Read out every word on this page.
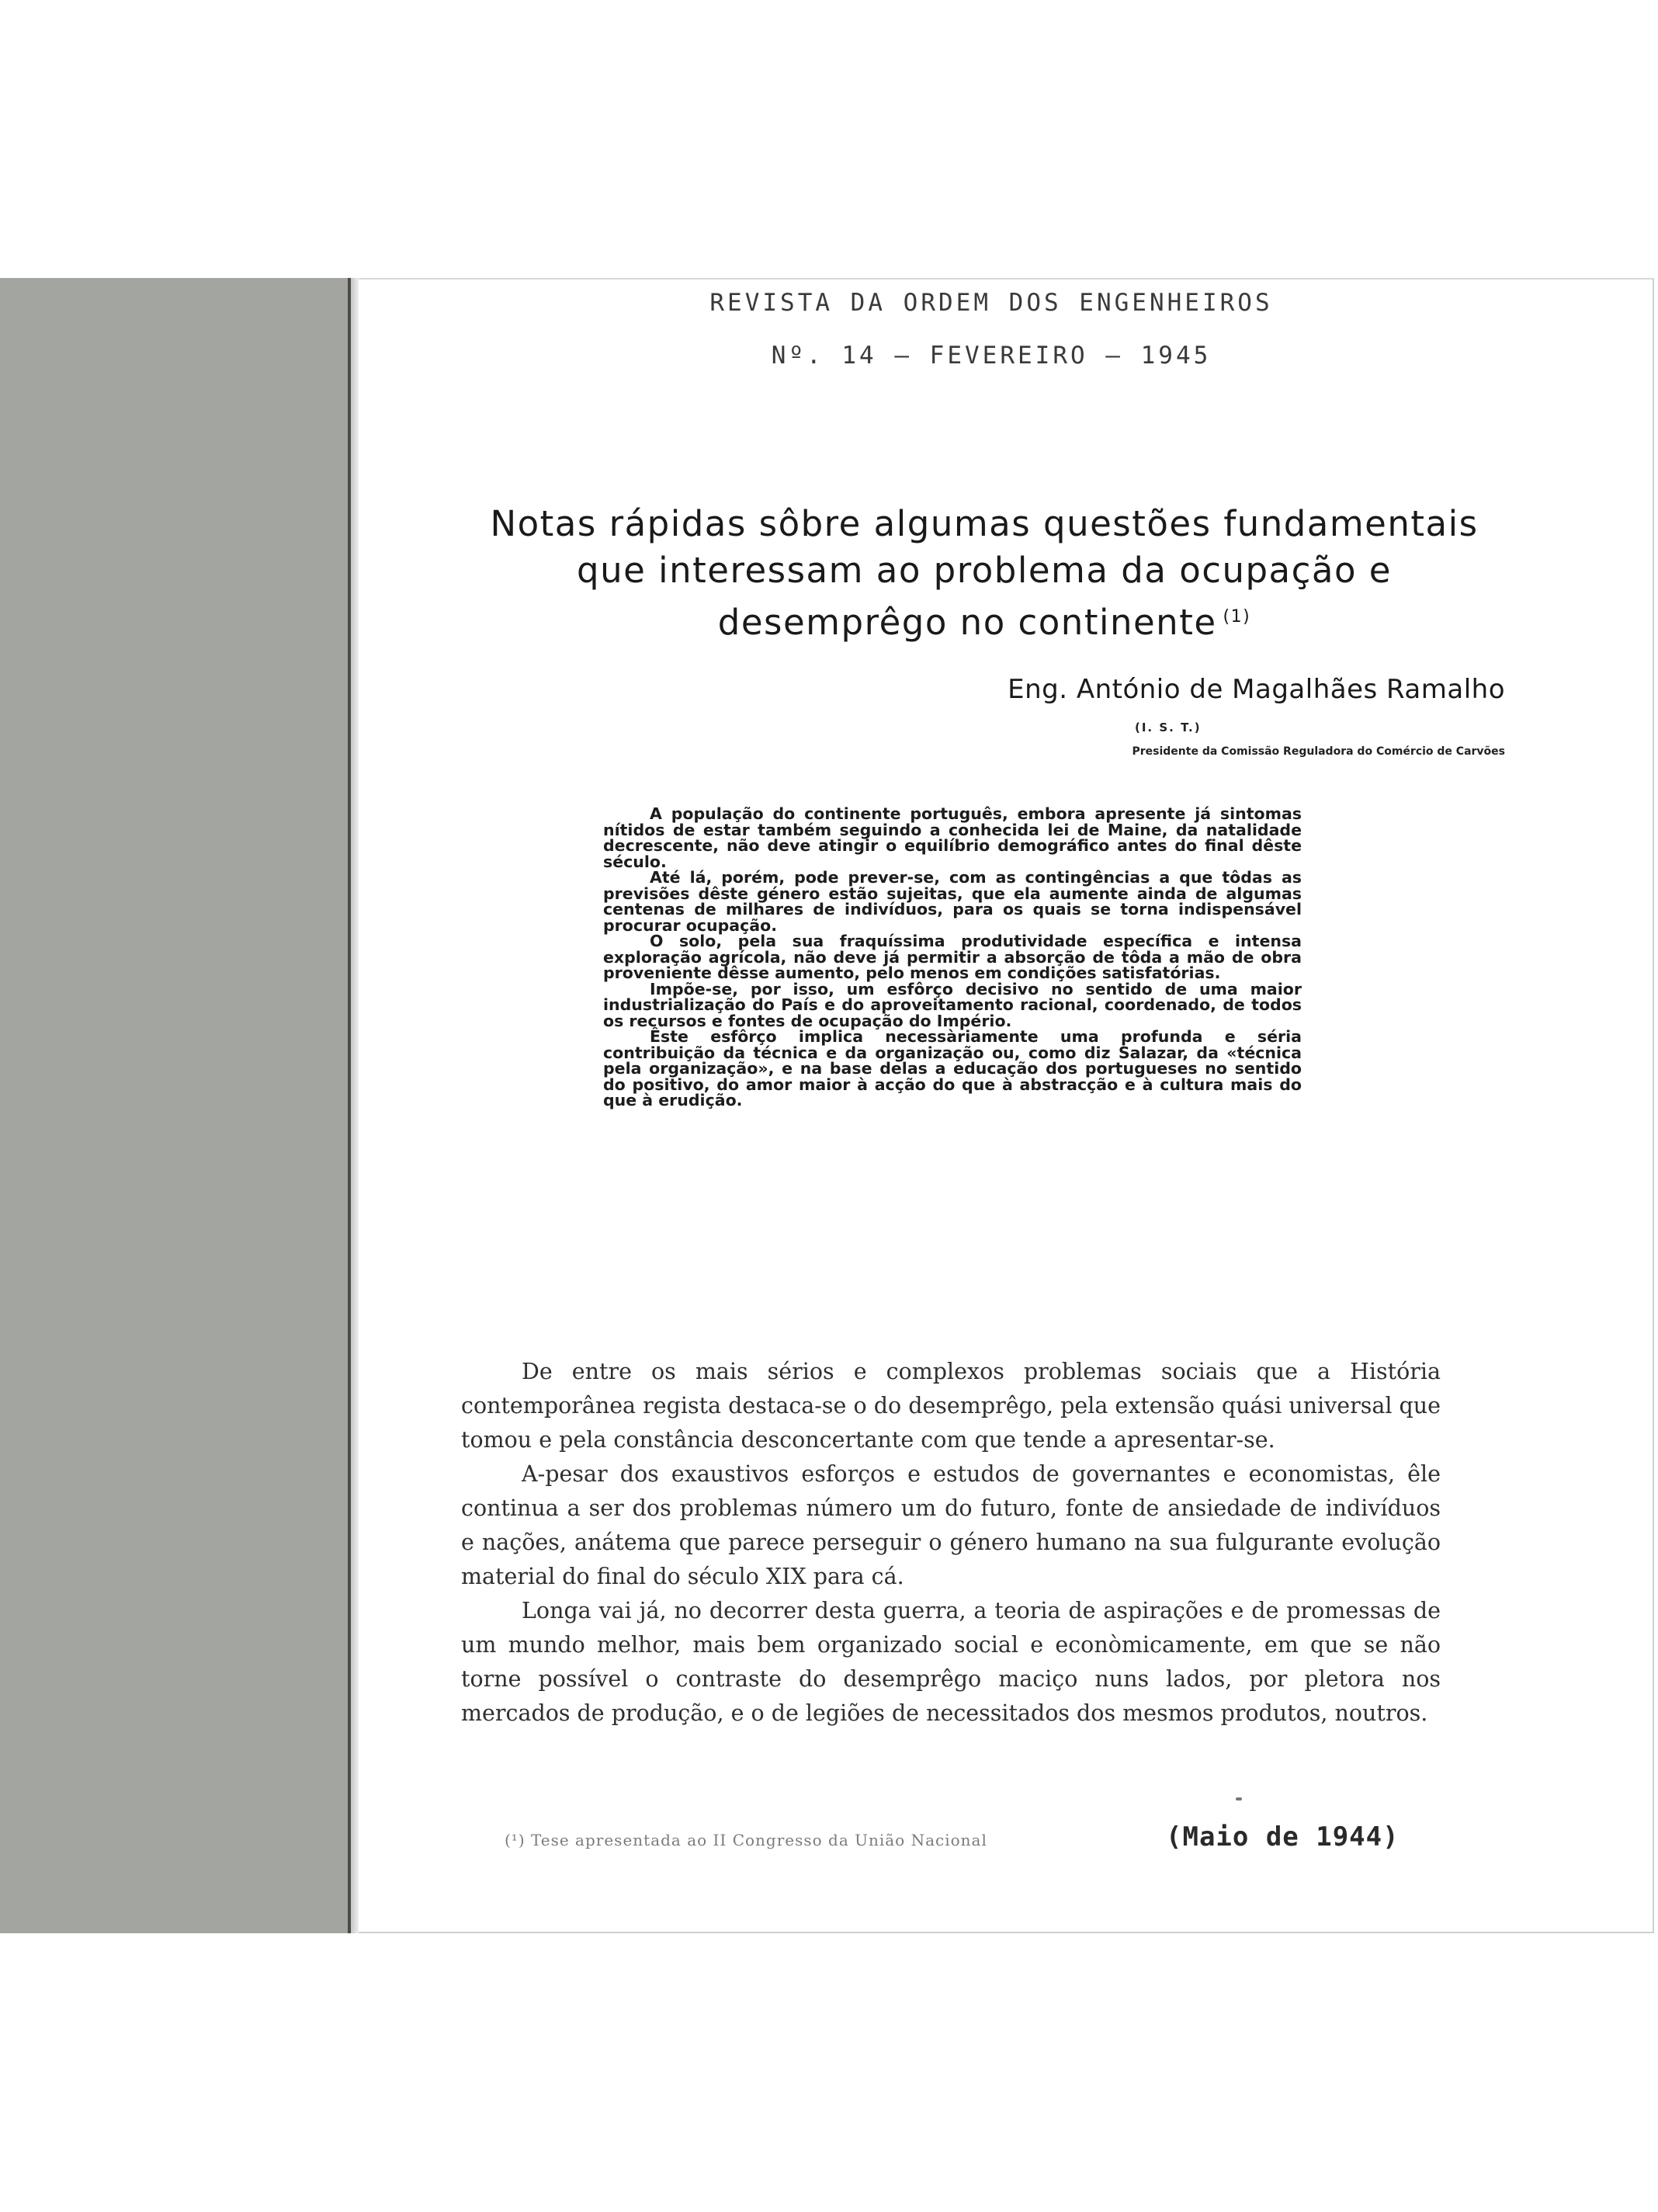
REVISTA DA ORDEM DOS ENGENHEIROS
Nº. 14 – FEVEREIRO – 1945
Notas rápidas sôbre algumas questões fundamentais que interessam ao problema da ocupação e desemprêgo no continente $^{(1)}$
Eng. António de Magalhães Ramalho
(I. S. T.)
Presidente da Comissão Reguladora do Comércio de Carvões

A população do continente português, embora apresente já sintomas nítidos de estar também seguindo a conhecida lei de Maine, da natalidade decrescente, não deve atingir o equilíbrio demográfico antes do final dêste século.

Até lá, porém, pode prever-se, com as contingências a que tôdas as previsões dêste género estão sujeitas, que ela aumente ainda de algumas centenas de milhares de indivíduos, para os quais se torna indispensável procurar ocupação.

O solo, pela sua fraquíssima produtividade específica e intensa exploração agrícola, não deve já permitir a absorção de tôda a mão de obra proveniente dêsse aumento, pelo menos em condições satisfatórias.

Impõe-se, por isso, um esfôrço decisivo no sentido de uma maior industrialização do País e do aproveitamento racional, coordenado, de todos os recursos e fontes de ocupação do Império.

Êste esfôrço implica necessàriamente uma profunda e séria contribuição da técnica e da organização ou, como diz Salazar, da «técnica pela organização», e na base delas a educação dos portugueses no sentido do positivo, do amor maior à acção do que à abstracção e à cultura mais do que à erudição.

De entre os mais sérios e complexos problemas sociais que a História contemporânea regista destaca-se o do desemprêgo, pela extensão quási universal que tomou e pela constância desconcertante com que tende a apresentar-se.

A-pesar dos exaustivos esforços e estudos de governantes e economistas, êle continua a ser dos problemas número um do futuro, fonte de ansiedade de indivíduos e nações, anátema que parece perseguir o género humano na sua fulgurante evolução material do final do século XIX para cá.

Longa vai já, no decorrer desta guerra, a teoria de aspirações e de promessas de um mundo melhor, mais bem organizado social e econòmicamente, em que se não torne possível o contraste do desemprêgo maciço nuns lados, por pletora nos mercados de produção, e o de legiões de necessitados dos mesmos produtos, noutros.

(¹) Tese apresentada ao II Congresso da União Nacional	(Maio de 1944)
